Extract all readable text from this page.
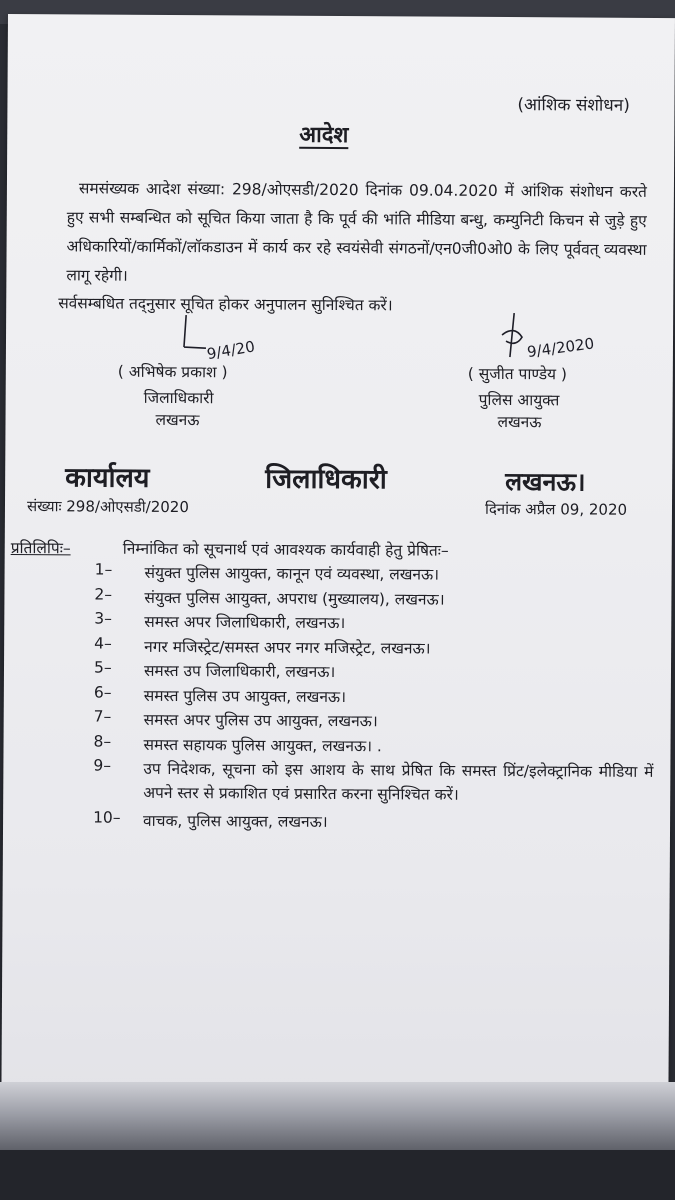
(आंशिक संशोधन)
आदेश
समसंख्यक आदेश संख्या: 298/ओएसडी/2020 दिनांक 09.04.2020 में आंशिक संशोधन करते हुए सभी सम्बन्धित को सूचित किया जाता है कि पूर्व की भांति मीडिया बन्धु, कम्युनिटी किचन से जुड़े हुए अधिकारियों/कार्मिकों/लॉकडाउन में कार्य कर रहे स्वयंसेवी संगठनों/एन0जी0ओ0 के लिए पूर्ववत् व्यवस्था लागू रहेगी।
सर्वसम्बधित तद्नुसार सूचित होकर अनुपालन सुनिश्चित करें।
9/4/20	9/4/2020
( अभिषेक प्रकाश )
जिलाधिकारी
लखनऊ
( सुजीत पाण्डेय )
पुलिस आयुक्त
लखनऊ
कार्यालय	जिलाधिकारी	लखनऊ।
संख्याः 298/ओएसडी/2020	दिनांक अप्रैल 09, 2020
प्रतिलिपिः–	निम्नांकित को सूचनार्थ एवं आवश्यक कार्यवाही हेतु प्रेषितः–
1–	संयुक्त पुलिस आयुक्त, कानून एवं व्यवस्था, लखनऊ।
2–	संयुक्त पुलिस आयुक्त, अपराध (मुख्यालय), लखनऊ।
3–	समस्त अपर जिलाधिकारी, लखनऊ।
4–	नगर मजिस्ट्रेट/समस्त अपर नगर मजिस्ट्रेट, लखनऊ।
5–	समस्त उप जिलाधिकारी, लखनऊ।
6–	समस्त पुलिस उप आयुक्त, लखनऊ।
7–	समस्त अपर पुलिस उप आयुक्त, लखनऊ।
8–	समस्त सहायक पुलिस आयुक्त, लखनऊ। .
9–	उप निदेशक, सूचना को इस आशय के साथ प्रेषित कि समस्त प्रिंट/इलेक्ट्रानिक मीडिया में अपने स्तर से प्रकाशित एवं प्रसारित करना सुनिश्चित करें।
10–	वाचक, पुलिस आयुक्त, लखनऊ।
